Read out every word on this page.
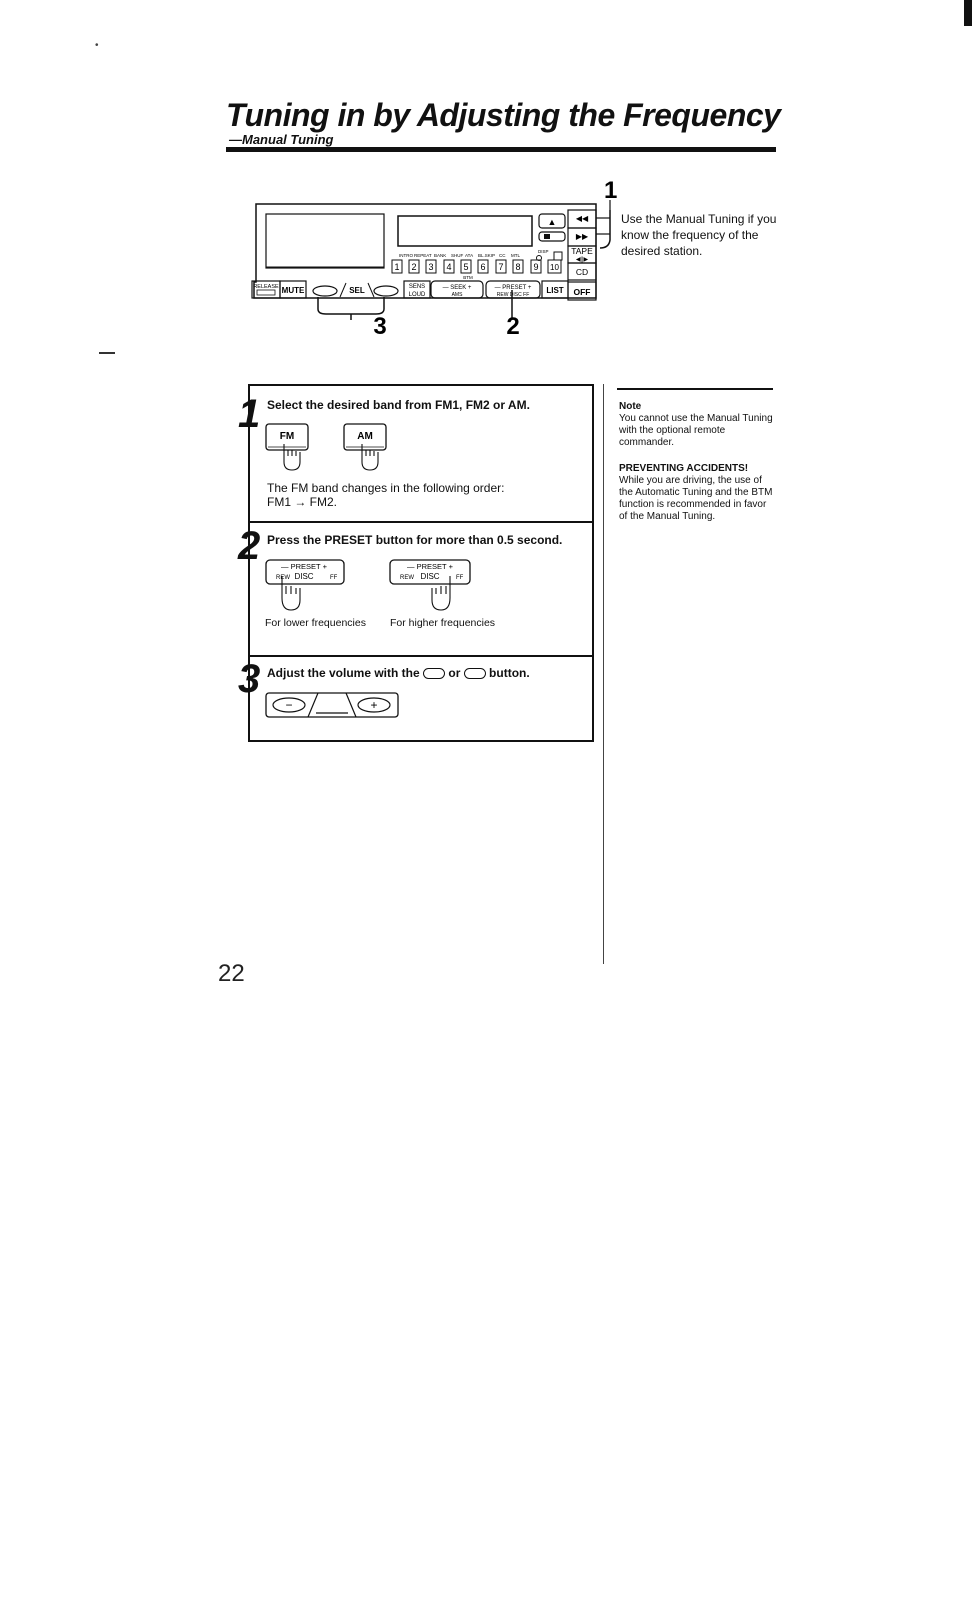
•
Tuning in by Adjusting the Frequency
—Manual Tuning
1
▲ ◀◀
▶▶
TAPE
◀||▶
CD
OFF
INTRO REPEAT BANK SHUF ATA BL.SKIP CC MTL
DISP
1 2 3 4 5 6 7 8 9 10
BTM
RELEASE MUTE	SEL	SENS
LOUD
— SEEK +
AMS
— PRESET +
REW DISC FF LIST
3	2
Use the Manual Tuning if you know the frequency of the desired station.
1 Select the desired band from FM1, FM2 or AM.
FM	AM
The FM band changes in the following order:
FM1 → FM2.
2 Press the PRESET button for more than 0.5 second.
— PRESET +
REW DISC	FF
— PRESET +
REW DISC	FF
For lower frequencies For higher frequencies
3 Adjust the volume with the or button.
−	+
Note
You cannot use the Manual Tuning with the optional remote commander.
PREVENTING ACCIDENTS!
While you are driving, the use of the Automatic Tuning and the BTM function is recommended in favor of the Manual Tuning.
22
